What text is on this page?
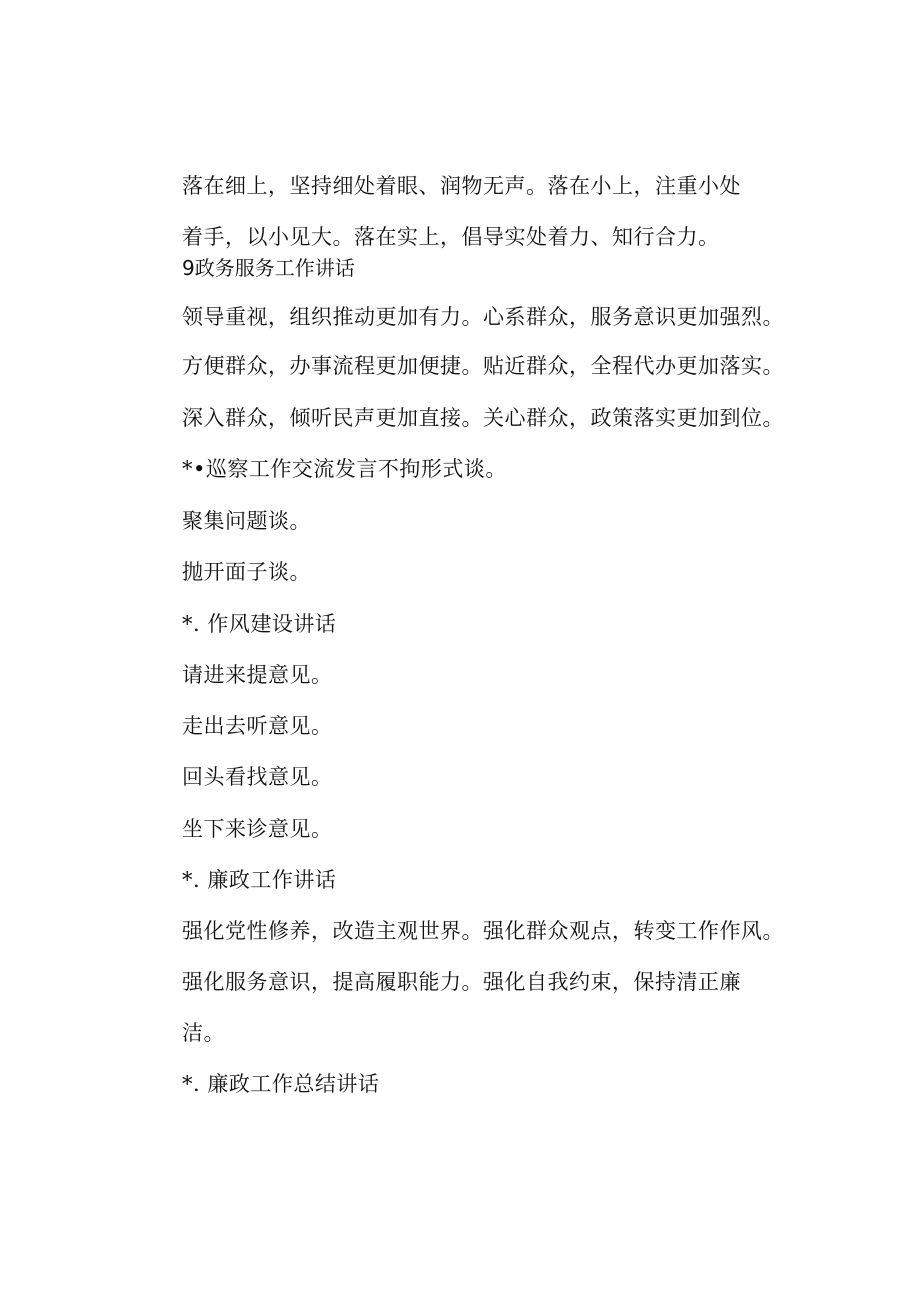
落在细上，坚持细处着眼、润物无声。落在小上，注重小处
着手，以小见大。落在实上，倡导实处着力、知行合力。
9政务服务工作讲话
领导重视，组织推动更加有力。心系群众，服务意识更加强烈。
方便群众，办事流程更加便捷。贴近群众，全程代办更加落实。
深入群众，倾听民声更加直接。关心群众，政策落实更加到位。
*•巡察工作交流发言不拘形式谈。
聚集问题谈。
抛开面子谈。
*. 作风建设讲话
请进来提意见。
走出去听意见。
回头看找意见。
坐下来诊意见。
*. 廉政工作讲话
强化党性修养，改造主观世界。强化群众观点，转变工作作风。
强化服务意识，提高履职能力。强化自我约束，保持清正廉
洁。
*. 廉政工作总结讲话
